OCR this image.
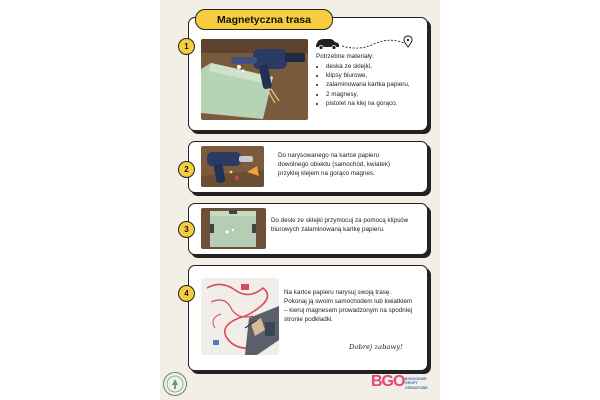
Magnetyczna trasa
1
Potrzebne materiały:
• deska ze sklejki,
• klipsy biurowe,
• zalaminowana kartka papieru,
• 2 magnesy,
• pistolet na klej na gorąco.
2
Do narysowanego na kartce papieru dowolnego obiektu (samochód, kwiatek) przyklej klejem na gorąco magnes.
3
Do deski ze sklejki przymocuj za pomocą klipsów biurowych zalaminowaną kartkę papieru.
4	Na kartce papieru narysuj swoją trasę. Pokonaj ją swoim samochodem lub kwiatkiem – kieruj magnesem prowadzonym na spodniej stronie podkładki.
Dobrej zabawy!
BGO BYDGOSKIE
GRUPY
OŚWIATOWE
